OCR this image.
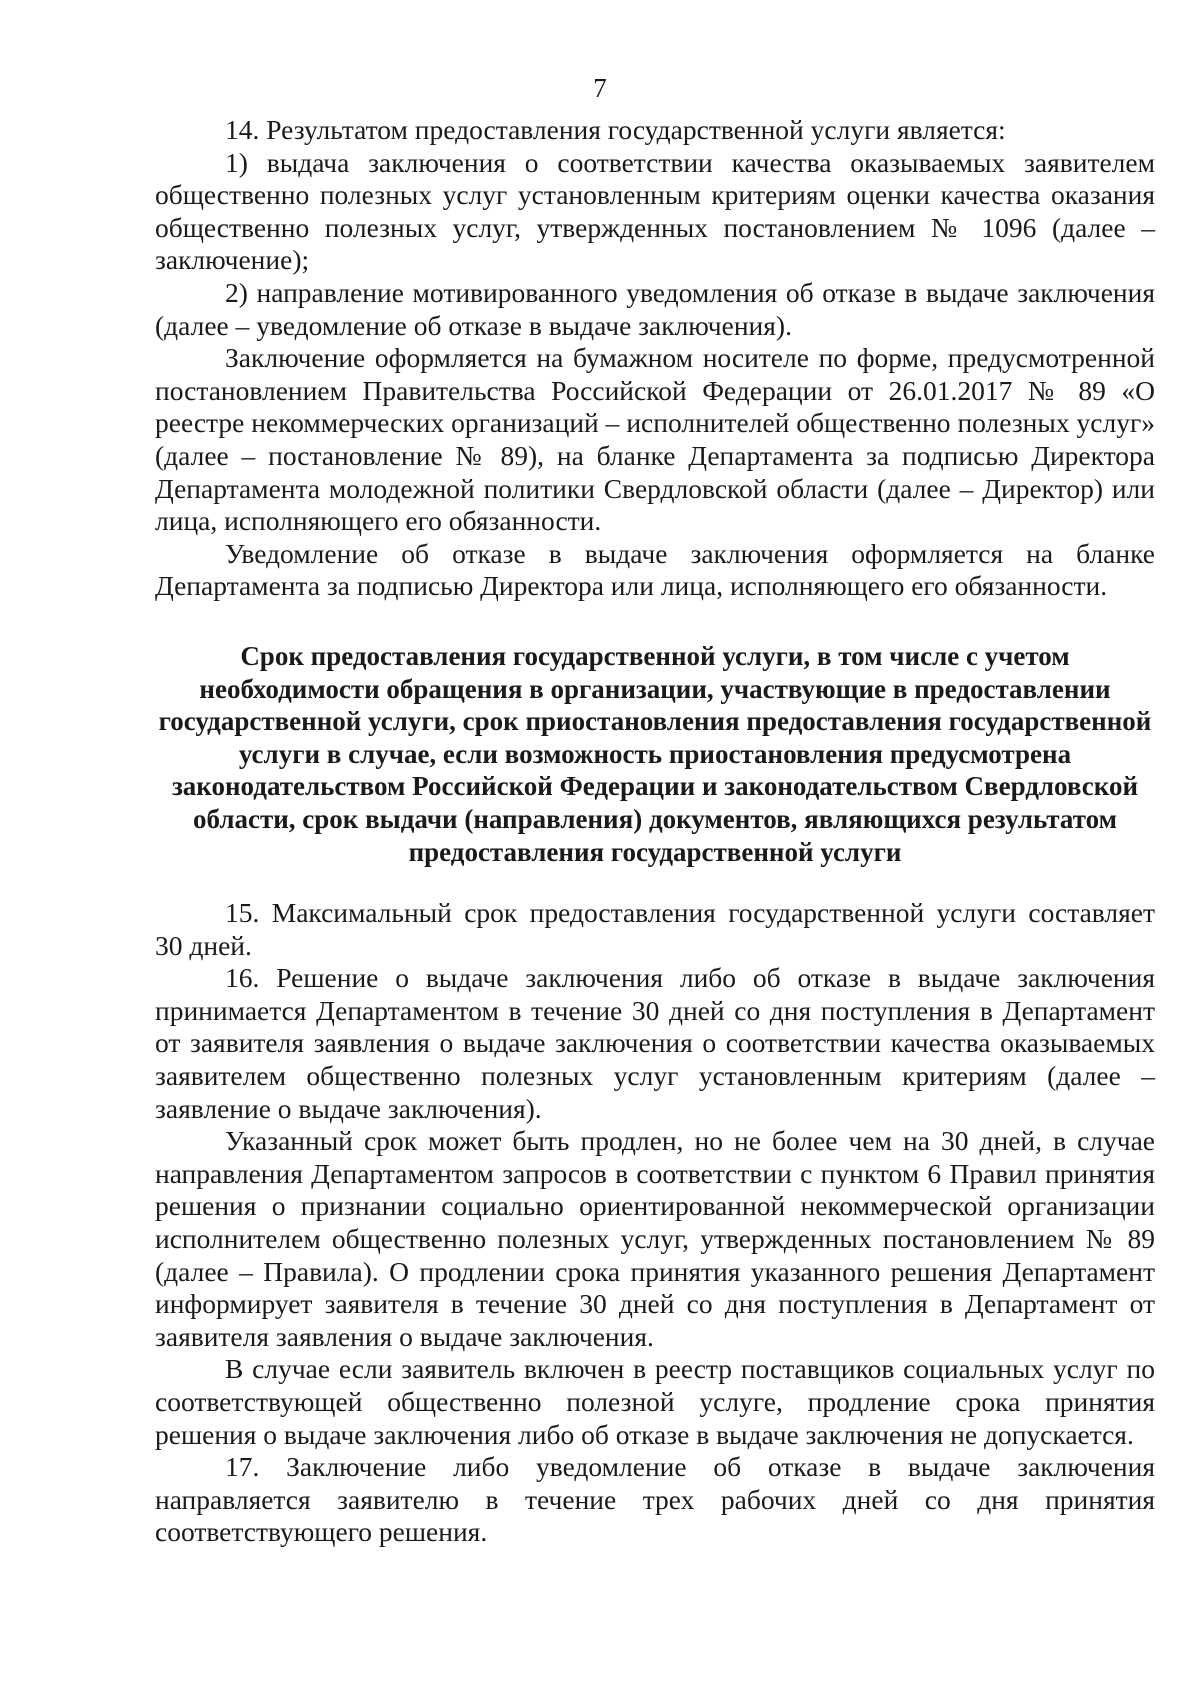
7

14. Результатом предоставления государственной услуги является:

1) выдача заключения о соответствии качества оказываемых заявителем общественно полезных услуг установленным критериям оценки качества оказания общественно полезных услуг, утвержденных постановлением № 1096 (далее – заключение);

2) направление мотивированного уведомления об отказе в выдаче заключения (далее – уведомление об отказе в выдаче заключения).

Заключение оформляется на бумажном носителе по форме, предусмотренной постановлением Правительства Российской Федерации от 26.01.2017 № 89 «О реестре некоммерческих организаций – исполнителей общественно полезных услуг» (далее – постановление № 89), на бланке Департамента за подписью Директора Департамента молодежной политики Свердловской области (далее – Директор) или лица, исполняющего его обязанности.

Уведомление об отказе в выдаче заключения оформляется на бланке Департамента за подписью Директора или лица, исполняющего его обязанности.

Срок предоставления государственной услуги, в том числе с учетом необходимости обращения в организации, участвующие в предоставлении государственной услуги, срок приостановления предоставления государственной услуги в случае, если возможность приостановления предусмотрена законодательством Российской Федерации и законодательством Свердловской области, срок выдачи (направления) документов, являющихся результатом предоставления государственной услуги

15. Максимальный срок предоставления государственной услуги составляет 30 дней.

16. Решение о выдаче заключения либо об отказе в выдаче заключения принимается Департаментом в течение 30 дней со дня поступления в Департамент от заявителя заявления о выдаче заключения о соответствии качества оказываемых заявителем общественно полезных услуг установленным критериям (далее – заявление о выдаче заключения).

Указанный срок может быть продлен, но не более чем на 30 дней, в случае направления Департаментом запросов в соответствии с пунктом 6 Правил принятия решения о признании социально ориентированной некоммерческой организации исполнителем общественно полезных услуг, утвержденных постановлением № 89 (далее – Правила). О продлении срока принятия указанного решения Департамент информирует заявителя в течение 30 дней со дня поступления в Департамент от заявителя заявления о выдаче заключения.

В случае если заявитель включен в реестр поставщиков социальных услуг по соответствующей общественно полезной услуге, продление срока принятия решения о выдаче заключения либо об отказе в выдаче заключения не допускается.

17. Заключение либо уведомление об отказе в выдаче заключения направляется заявителю в течение трех рабочих дней со дня принятия соответствующего решения.
